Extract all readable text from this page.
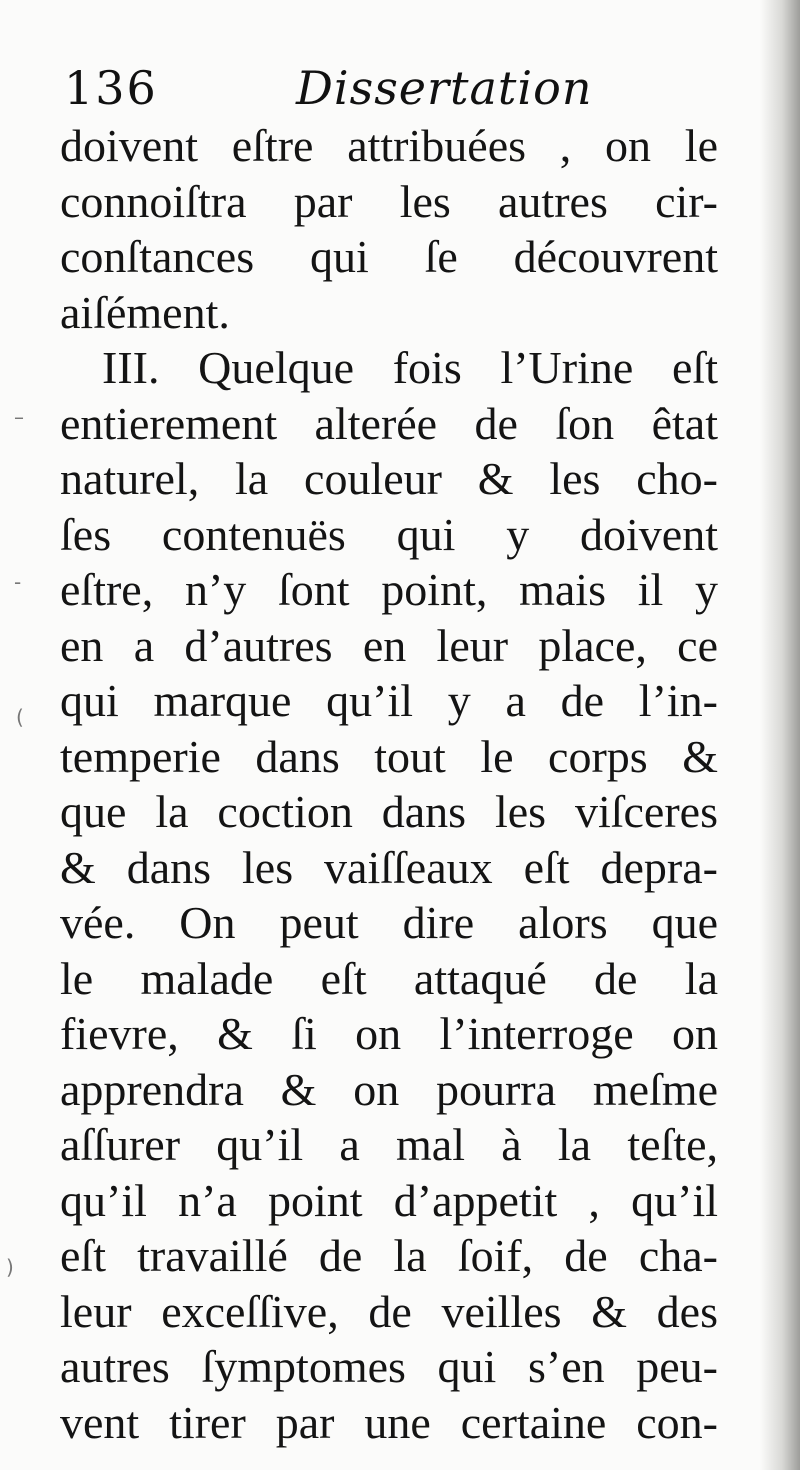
–
-
(
)
136	Dissertation
doivent eſtre attribuées , on le
connoiſtra par les autres cir-
conſtances qui ſe découvrent
aiſément.
III. Quelque fois l’Urine eſt
entierement alterée de ſon êtat
naturel, la couleur & les cho-
ſes contenuës qui y doivent
eſtre, n’y ſont point, mais il y
en a d’autres en leur place, ce
qui marque qu’il y a de l’in-
temperie dans tout le corps &
que la coction dans les viſceres
& dans les vaiſſeaux eſt depra-
vée. On peut dire alors que
le malade eſt attaqué de la
fievre, & ſi on l’interroge on
apprendra & on pourra meſme
aſſurer qu’il a mal à la teſte,
qu’il n’a point d’appetit , qu’il
eſt travaillé de la ſoif, de cha-
leur exceſſive, de veilles & des
autres ſymptomes qui s’en peu-
vent tirer par une certaine con-
